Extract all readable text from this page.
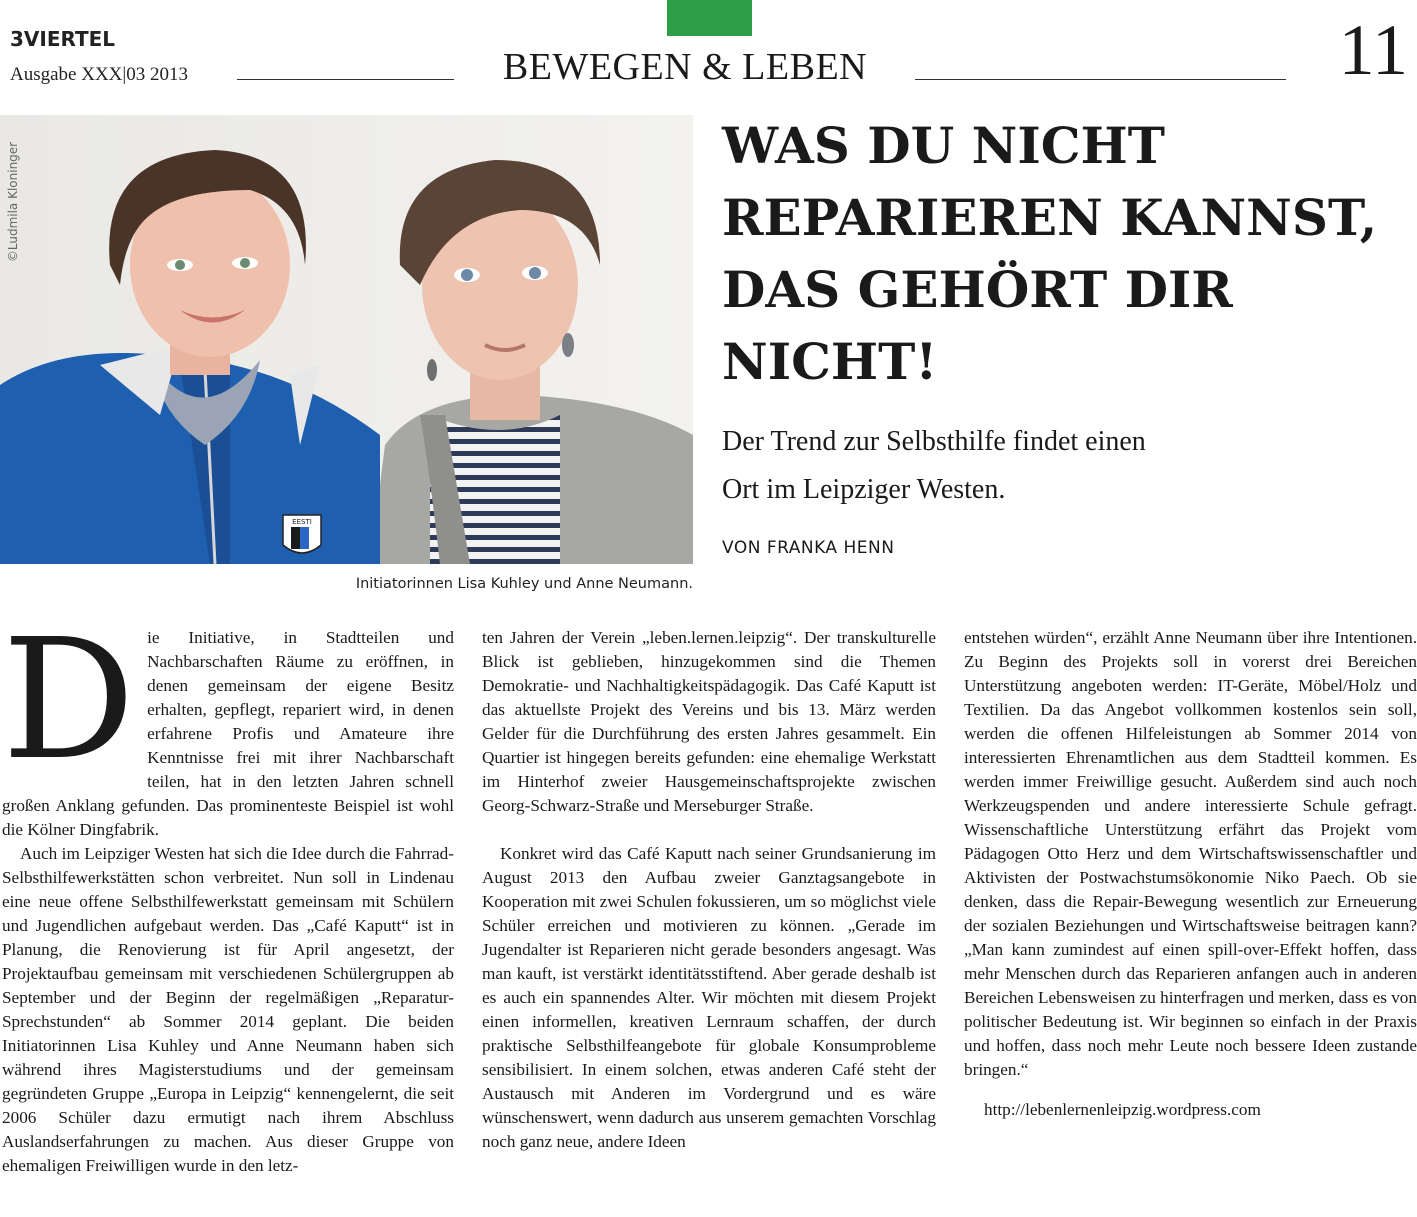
3VIERTEL
Ausgabe XXX|03 2013	BEWEGEN & LEBEN	11
EESTI
©Ludmila Kloninger
Initiatorinnen Lisa Kuhley und Anne Neumann.
WAS DU NICHT
REPARIEREN KANNST,
DAS GEHÖRT DIR
NICHT!
Der Trend zur Selbsthilfe findet einen
Ort im Leipziger Westen.
VON FRANKA HENN

Die Initiative, in Stadtteilen und Nachbarschaften Räume zu eröffnen, in denen gemeinsam der eigene Besitz erhalten, gepflegt, repariert wird, in denen erfahrene Profis und Amateure ihre Kenntnisse frei mit ihrer Nachbarschaft teilen, hat in den letzten Jahren schnell großen Anklang gefunden. Das prominenteste Beispiel ist wohl die Kölner Dingfabrik.

Auch im Leipziger Westen hat sich die Idee durch die Fahrrad-Selbsthilfewerkstätten schon verbreitet. Nun soll in Lindenau eine neue offene Selbsthilfewerkstatt gemeinsam mit Schülern und Jugendlichen aufgebaut werden. Das „Café Kaputt“ ist in Planung, die Renovierung ist für April angesetzt, der Projektaufbau gemeinsam mit verschiedenen Schülergruppen ab September und der Beginn der regelmäßigen „Reparatur-Sprechstunden“ ab Sommer 2014 geplant. Die beiden Initiatorinnen Lisa Kuhley und Anne Neumann haben sich während ihres Magisterstudiums und der gemeinsam gegründeten Gruppe „Europa in Leipzig“ kennengelernt, die seit 2006 Schüler dazu ermutigt nach ihrem Abschluss Auslandserfahrungen zu machen. Aus dieser Gruppe von ehemaligen Freiwilligen wurde in den letz-

ten Jahren der Verein „leben.lernen.leipzig“. Der transkulturelle Blick ist geblieben, hinzugekommen sind die Themen Demokratie- und Nachhaltigkeitspädagogik. Das Café Kaputt ist das aktuellste Projekt des Vereins und bis 13. März werden Gelder für die Durchführung des ersten Jahres gesammelt. Ein Quartier ist hingegen bereits gefunden: eine ehemalige Werkstatt im Hinterhof zweier Hausgemeinschaftsprojekte zwischen Georg-Schwarz-Straße und Merseburger Straße.

Konkret wird das Café Kaputt nach seiner Grundsanierung im August 2013 den Aufbau zweier Ganztagsangebote in Kooperation mit zwei Schulen fokussieren, um so möglichst viele Schüler erreichen und motivieren zu können. „Gerade im Jugendalter ist Reparieren nicht gerade besonders angesagt. Was man kauft, ist verstärkt identitätsstiftend. Aber gerade deshalb ist es auch ein spannendes Alter. Wir möchten mit diesem Projekt einen informellen, kreativen Lernraum schaffen, der durch praktische Selbsthilfeangebote für globale Konsumprobleme sensibilisiert. In einem solchen, etwas anderen Café steht der Austausch mit Anderen im Vordergrund und es wäre wünschenswert, wenn dadurch aus unserem gemachten Vorschlag noch ganz neue, andere Ideen

entstehen würden“, erzählt Anne Neumann über ihre Intentionen. Zu Beginn des Projekts soll in vorerst drei Bereichen Unterstützung angeboten werden: IT-Geräte, Möbel/Holz und Textilien. Da das Angebot vollkommen kostenlos sein soll, werden die offenen Hilfeleistungen ab Sommer 2014 von interessierten Ehrenamtlichen aus dem Stadtteil kommen. Es werden immer Freiwillige gesucht. Außerdem sind auch noch Werkzeugspenden und andere interessierte Schule gefragt. Wissenschaftliche Unterstützung erfährt das Projekt vom Pädagogen Otto Herz und dem Wirtschaftswissenschaftler und Aktivisten der Postwachstumsökonomie Niko Paech. Ob sie denken, dass die Repair-Bewegung wesentlich zur Erneuerung der sozialen Beziehungen und Wirtschaftsweise beitragen kann? „Man kann zumindest auf einen spill-over-Effekt hoffen, dass mehr Menschen durch das Reparieren anfangen auch in anderen Bereichen Lebensweisen zu hinterfragen und merken, dass es von politischer Bedeutung ist. Wir beginnen so einfach in der Praxis und hoffen, dass noch mehr Leute noch bessere Ideen zustande bringen.“

http://lebenlernenleipzig.wordpress.com
